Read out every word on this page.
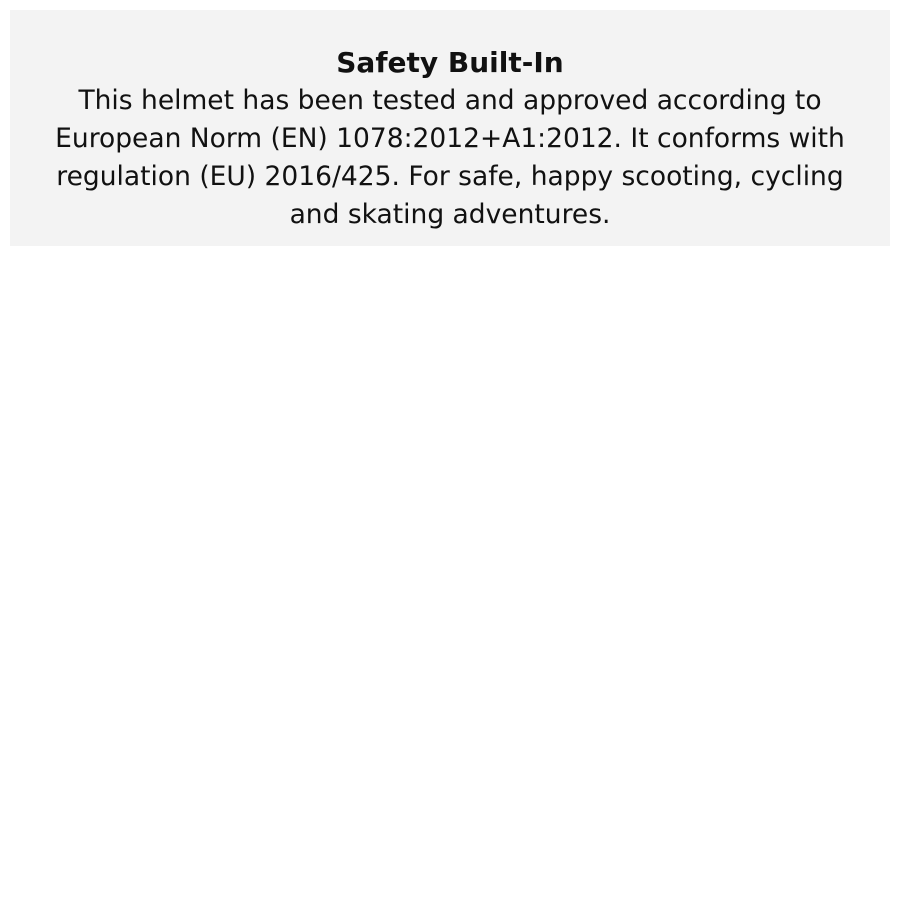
Safety Built-In

This helmet has been tested and approved according to
European Norm (EN) 1078:2012+A1:2012. It conforms with
regulation (EU) 2016/425. For safe, happy scooting, cycling
and skating adventures.
